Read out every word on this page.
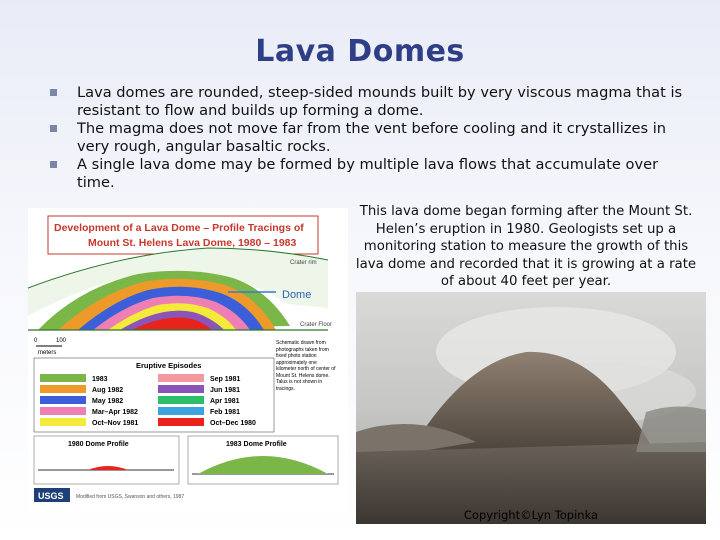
Lava Domes
Lava domes are rounded, steep-sided mounds built by very viscous magma that is resistant to flow and builds up forming a dome.
The magma does not move far from the vent before cooling and it crystallizes in very rough, angular basaltic rocks.
A single lava dome may be formed by multiple lava flows that accumulate over time.
Development of a Lava Dome – Profile Tracings of
Mount St. Helens Lava Dome, 1980 – 1983
Crater rim
Crater Floor
Dome
0	100
meters
Eruptive Episodes
1983
Aug 1982
May 1982
Mar–Apr 1982
Oct–Nov 1981
Sep 1981
Jun 1981
Apr 1981
Feb 1981
Oct–Dec 1980
Schematic drawn from photographs taken from fixed photo station approximately one kilometer north of center of Mount St. Helens dome. Talus is not shown in tracings.
1980 Dome Profile	1983 Dome Profile
USGS Modified from USGS, Swanson and others, 1987
This lava dome began forming after the Mount St. Helen’s eruption in 1980. Geologists set up a monitoring station to measure the growth of this lava dome and recorded that it is growing at a rate of about 40 feet per year.
Copyright©Lyn Topinka
